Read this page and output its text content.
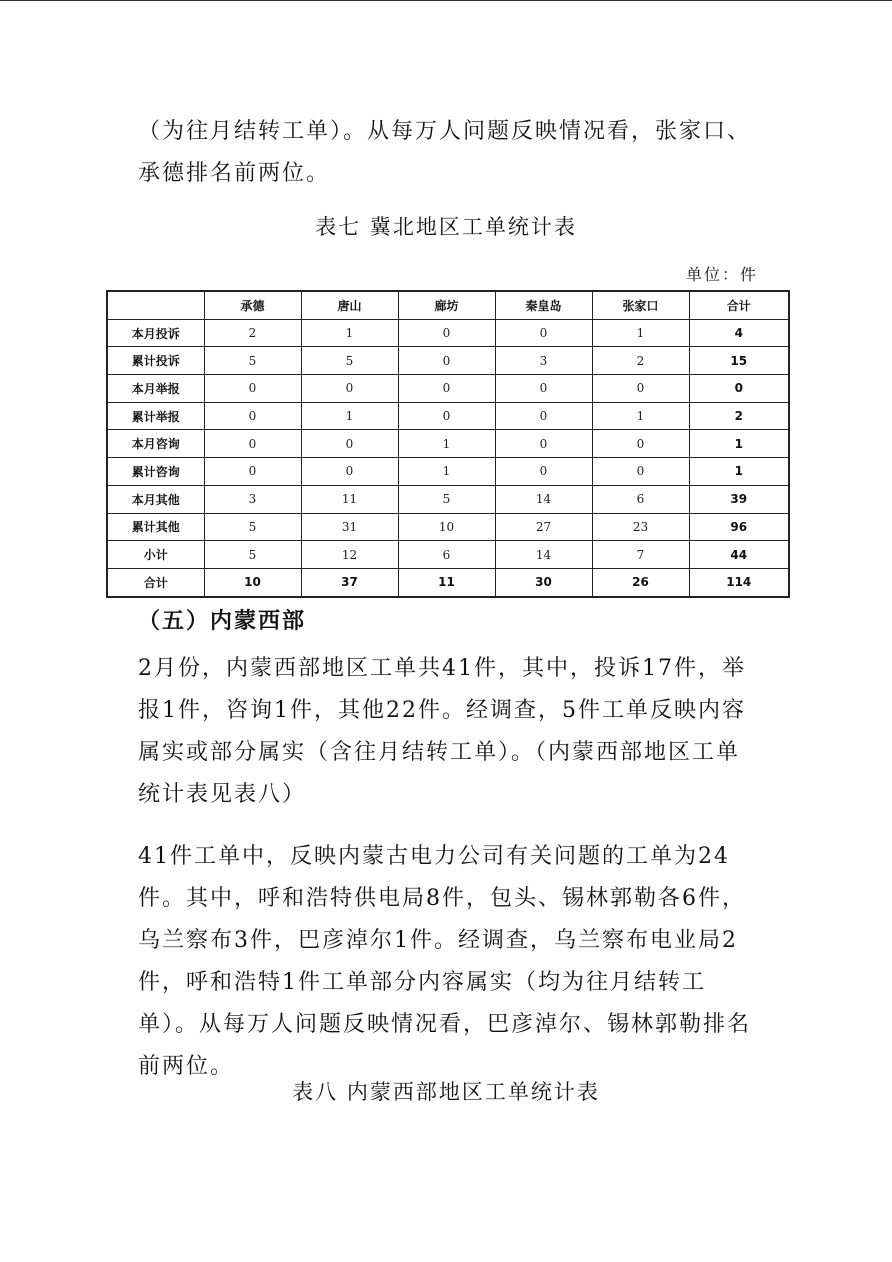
（为往月结转工单）。从每万人问题反映情况看，张家口、承德排名前两位。

表七 冀北地区工单统计表

单位：件
	承德	唐山	廊坊	秦皇岛	张家口	合计
本月投诉	2	1	0	0	1	4
累计投诉	5	5	0	3	2	15
本月举报	0	0	0	0	0	0
累计举报	0	1	0	0	1	2
本月咨询	0	0	1	0	0	1
累计咨询	0	0	1	0	0	1
本月其他	3	11	5	14	6	39
累计其他	5	31	10	27	23	96
小计	5	12	6	14	7	44
合计	10	37	11	30	26	114
（五）内蒙西部

2月份，内蒙西部地区工单共41件，其中，投诉17件，举报1件，咨询1件，其他22件。经调查，5件工单反映内容属实或部分属实（含往月结转工单）。（内蒙西部地区工单统计表见表八）

41件工单中，反映内蒙古电力公司有关问题的工单为24件。其中，呼和浩特供电局8件，包头、锡林郭勒各6件，乌兰察布3件，巴彦淖尔1件。经调查，乌兰察布电业局2件，呼和浩特1件工单部分内容属实（均为往月结转工单）。从每万人问题反映情况看，巴彦淖尔、锡林郭勒排名前两位。

表八 内蒙西部地区工单统计表
